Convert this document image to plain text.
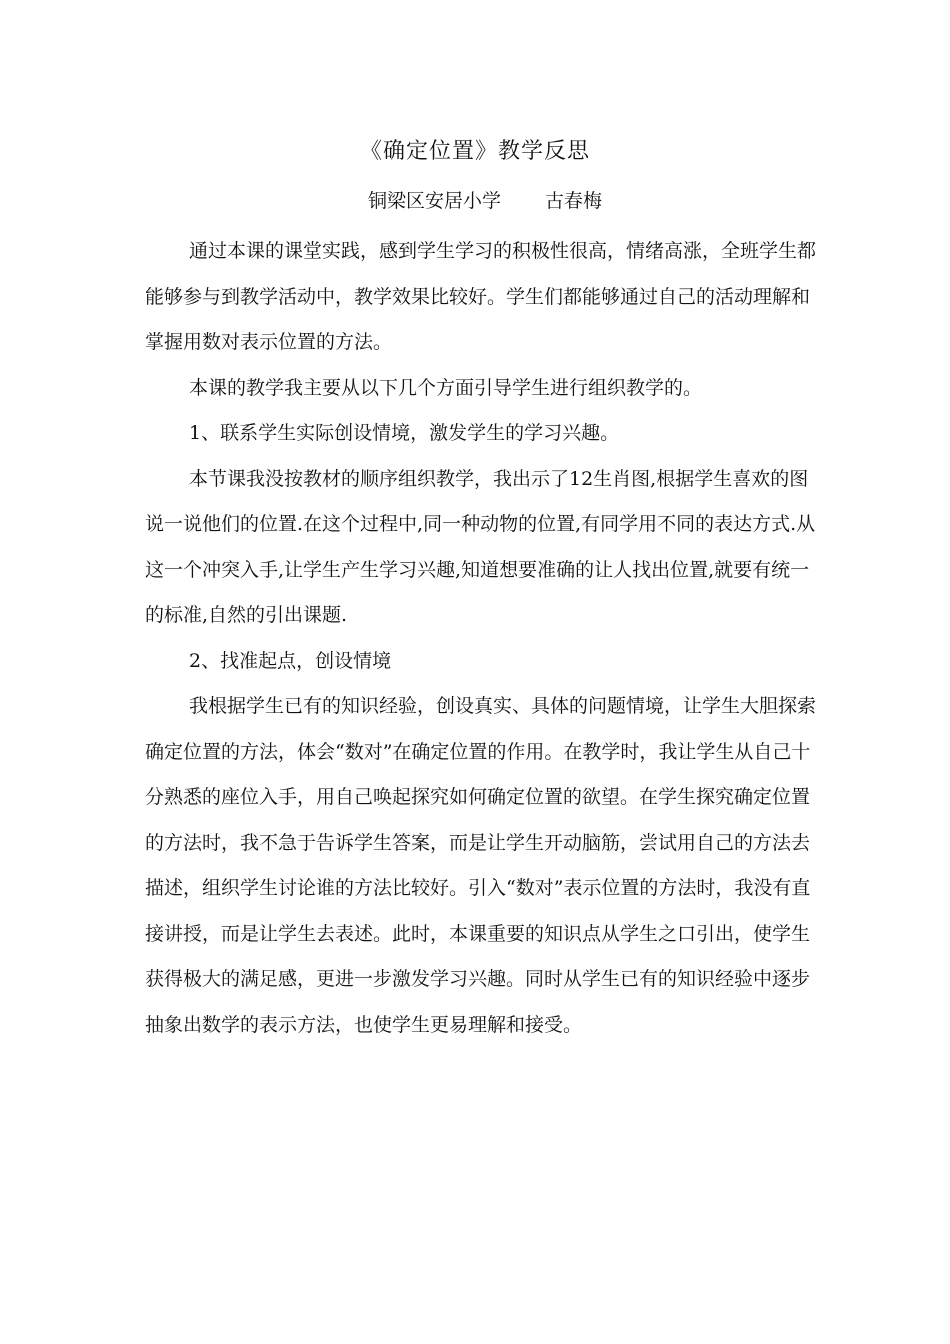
《确定位置》教学反思
铜梁区安居小学 古春梅

通过本课的课堂实践，感到学生学习的积极性很高，情绪高涨，全班学生都能够参与到教学活动中，教学效果比较好。学生们都能够通过自己的活动理解和掌握用数对表示位置的方法。

本课的教学我主要从以下几个方面引导学生进行组织教学的。

1、联系学生实际创设情境，激发学生的学习兴趣。

本节课我没按教材的顺序组织教学，我出示了12生肖图,根据学生喜欢的图说一说他们的位置.在这个过程中,同一种动物的位置,有同学用不同的表达方式.从这一个冲突入手,让学生产生学习兴趣,知道想要准确的让人找出位置,就要有统一的标准,自然的引出课题.

2、找准起点，创设情境

我根据学生已有的知识经验，创设真实、具体的问题情境，让学生大胆探索确定位置的方法，体会“数对”在确定位置的作用。在教学时，我让学生从自己十分熟悉的座位入手，用自己唤起探究如何确定位置的欲望。在学生探究确定位置的方法时，我不急于告诉学生答案，而是让学生开动脑筋，尝试用自己的方法去描述，组织学生讨论谁的方法比较好。引入“数对”表示位置的方法时，我没有直接讲授，而是让学生去表述。此时，本课重要的知识点从学生之口引出，使学生获得极大的满足感，更进一步激发学习兴趣。同时从学生已有的知识经验中逐步抽象出数学的表示方法，也使学生更易理解和接受。
